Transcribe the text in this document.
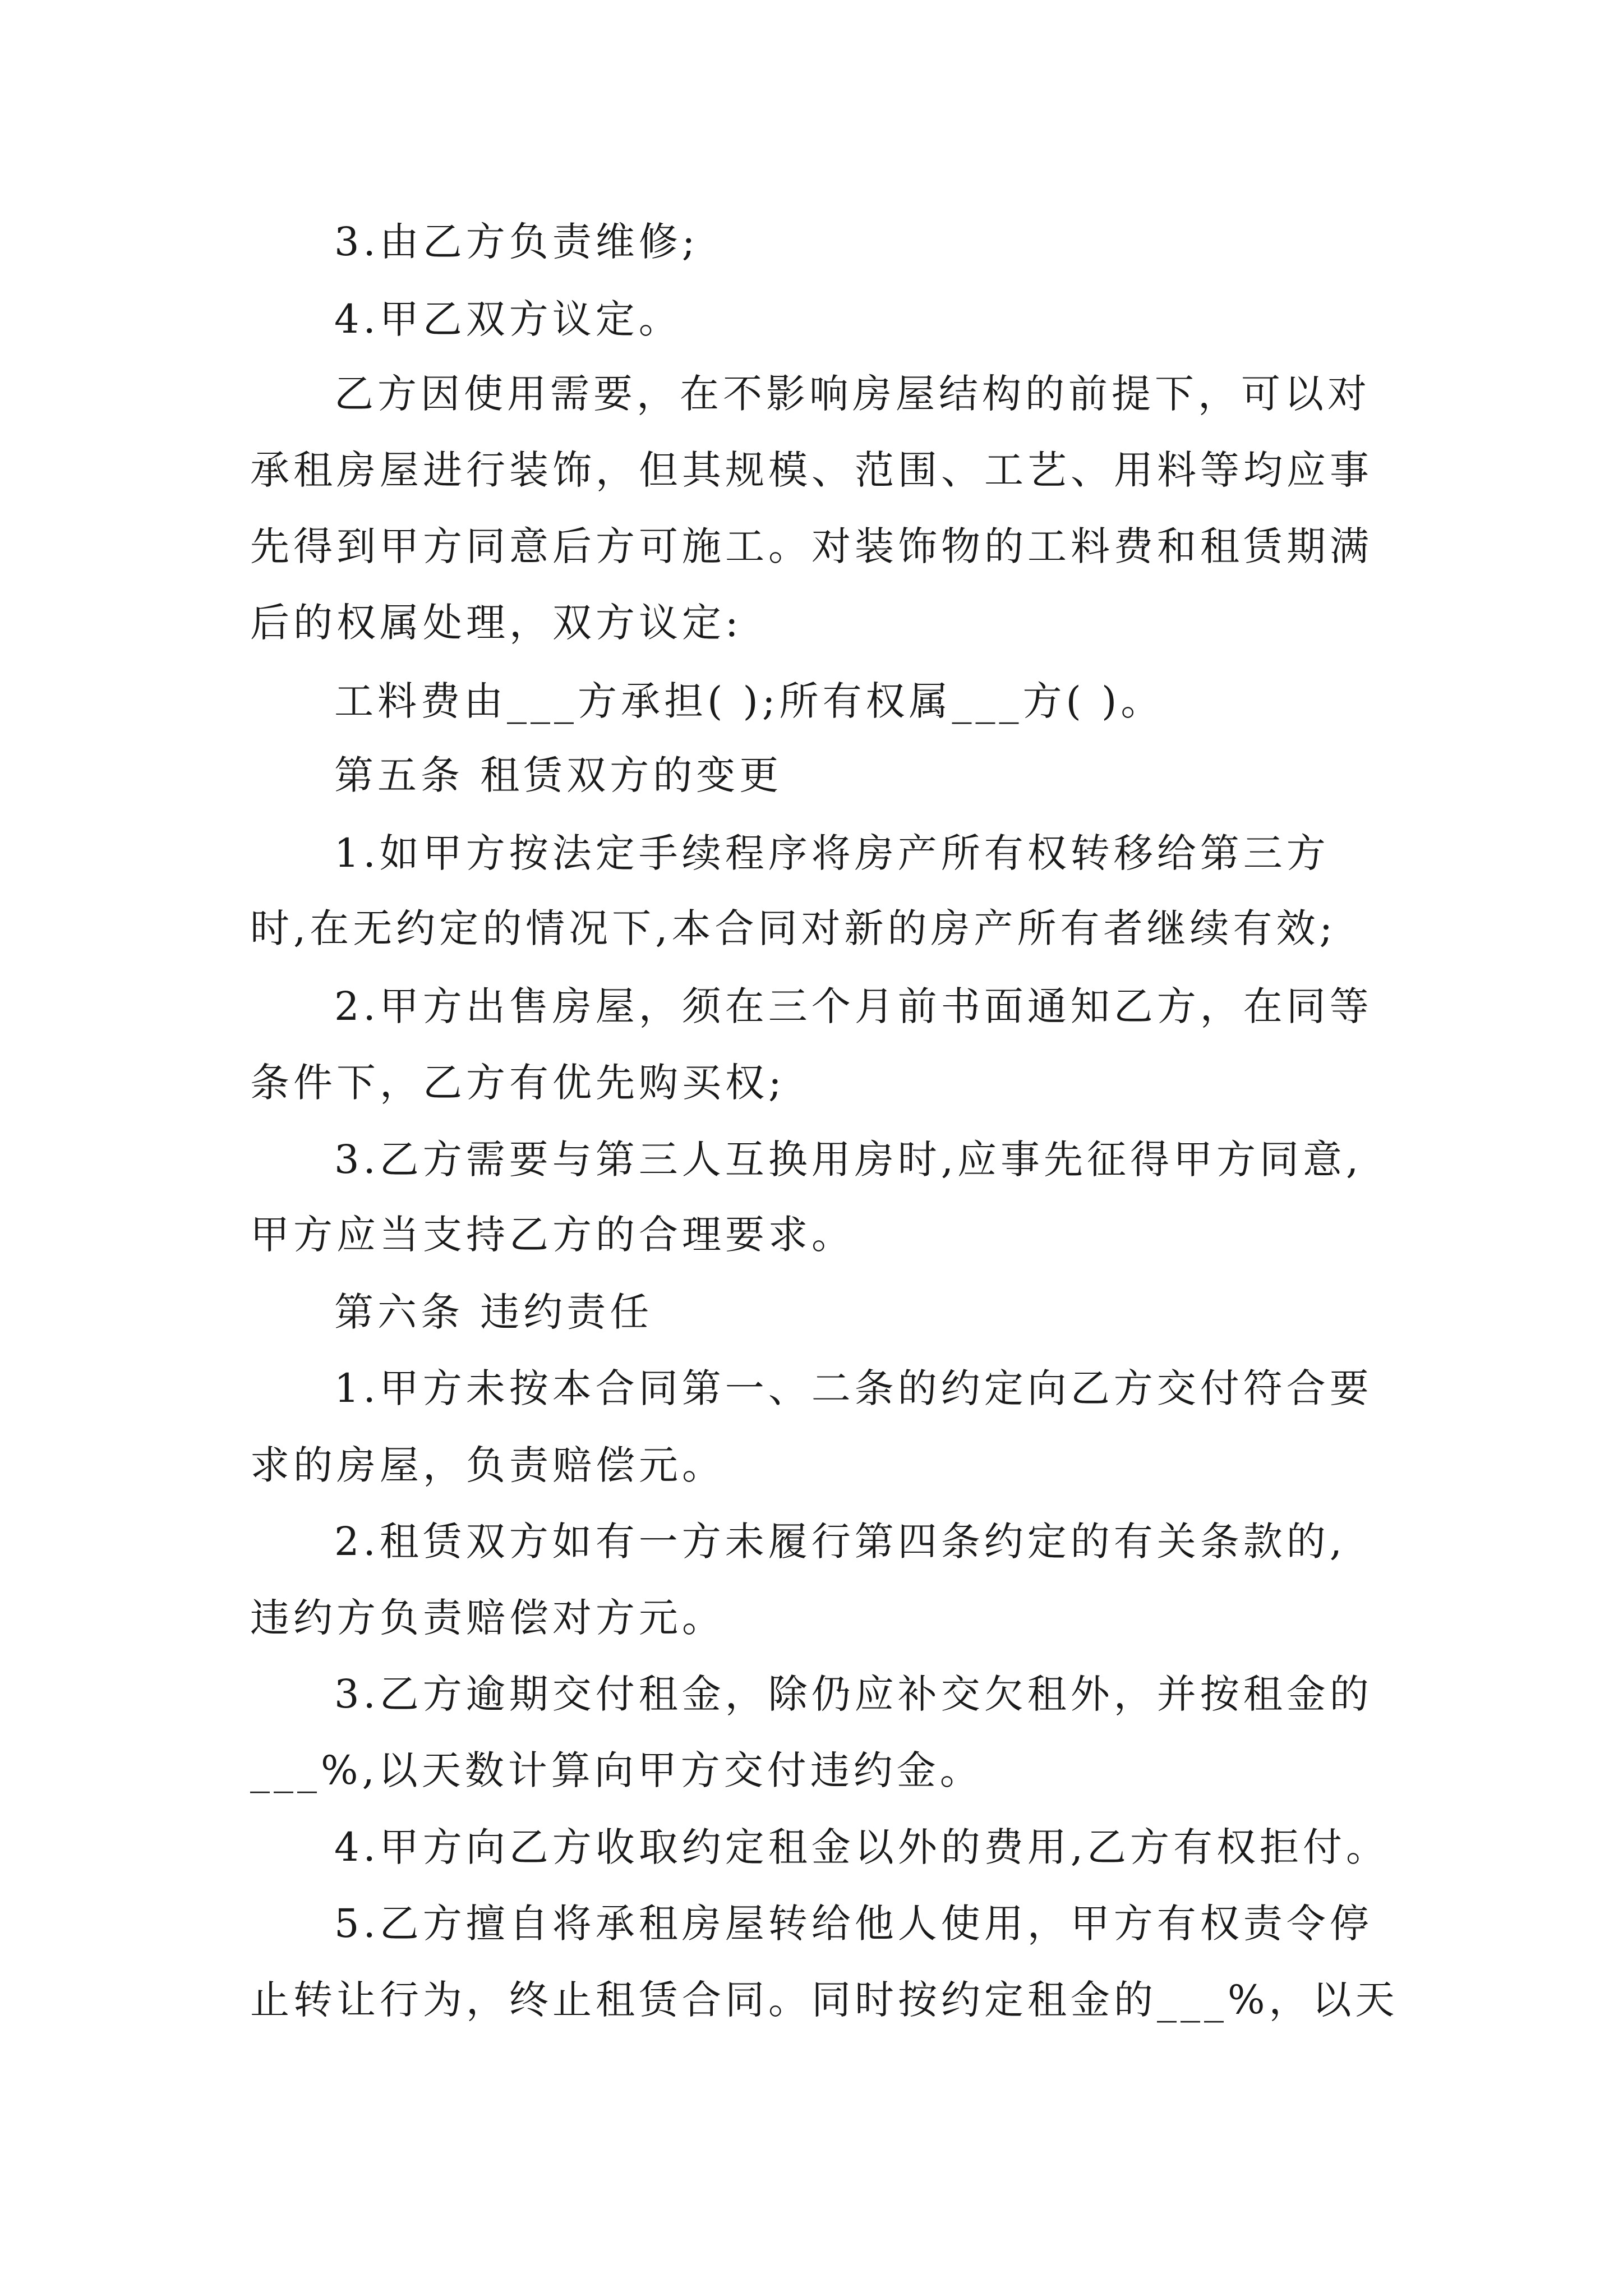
3.由乙方负责维修;
4.甲乙双方议定。
乙方因使用需要，在不影响房屋结构的前提下，可以对
承租房屋进行装饰，但其规模、范围、工艺、用料等均应事
先得到甲方同意后方可施工。对装饰物的工料费和租赁期满
后的权属处理，双方议定:
工料费由___方承担( );所有权属___方( )。
第五条 租赁双方的变更
1.如甲方按法定手续程序将房产所有权转移给第三方
时,在无约定的情况下,本合同对新的房产所有者继续有效;
2.甲方出售房屋，须在三个月前书面通知乙方，在同等
条件下，乙方有优先购买权;
3.乙方需要与第三人互换用房时,应事先征得甲方同意,
甲方应当支持乙方的合理要求。
第六条 违约责任
1.甲方未按本合同第一、二条的约定向乙方交付符合要
求的房屋，负责赔偿元。
2.租赁双方如有一方未履行第四条约定的有关条款的,
违约方负责赔偿对方元。
3.乙方逾期交付租金，除仍应补交欠租外，并按租金的
___%,以天数计算向甲方交付违约金。
4.甲方向乙方收取约定租金以外的费用,乙方有权拒付。
5.乙方擅自将承租房屋转给他人使用，甲方有权责令停
止转让行为，终止租赁合同。同时按约定租金的___%，以天
